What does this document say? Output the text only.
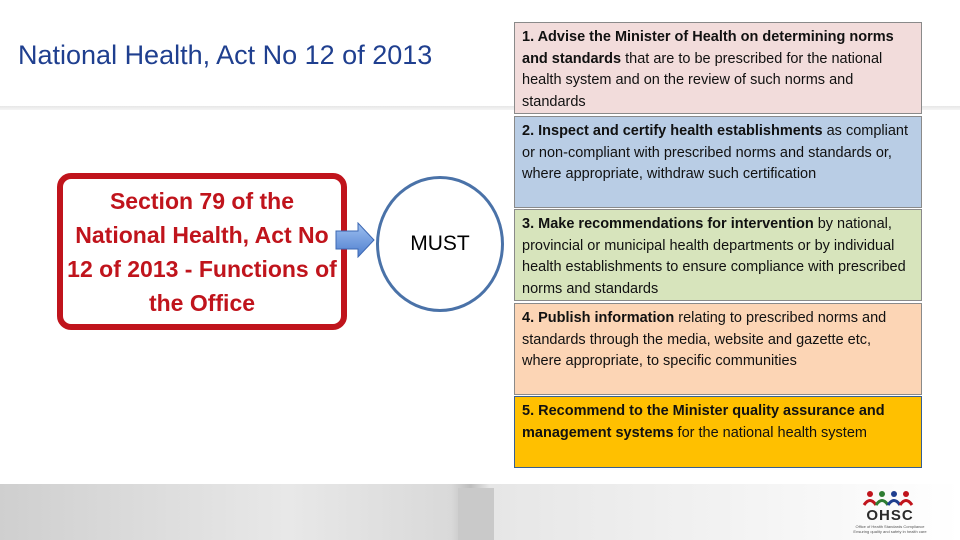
National Health, Act No 12 of 2013
Section 79 of the National Health, Act No 12 of 2013 - Functions of the Office
MUST
1. Advise the Minister of Health on determining norms and standards that are to be prescribed for the national health system and on the review of such norms and standards
2. Inspect and certify health establishments as compliant or non-compliant with prescribed norms and standards or, where appropriate, withdraw such certification
3. Make recommendations for intervention by national, provincial or municipal health departments or by individual health establishments to ensure compliance with prescribed norms and standards
4. Publish information relating to prescribed norms and standards through the media, website and gazette etc, where appropriate, to specific communities
5. Recommend to the Minister quality assurance and management systems for the national health system
OHSC
Office of Health Standards Compliance
Ensuring quality and safety in health care
